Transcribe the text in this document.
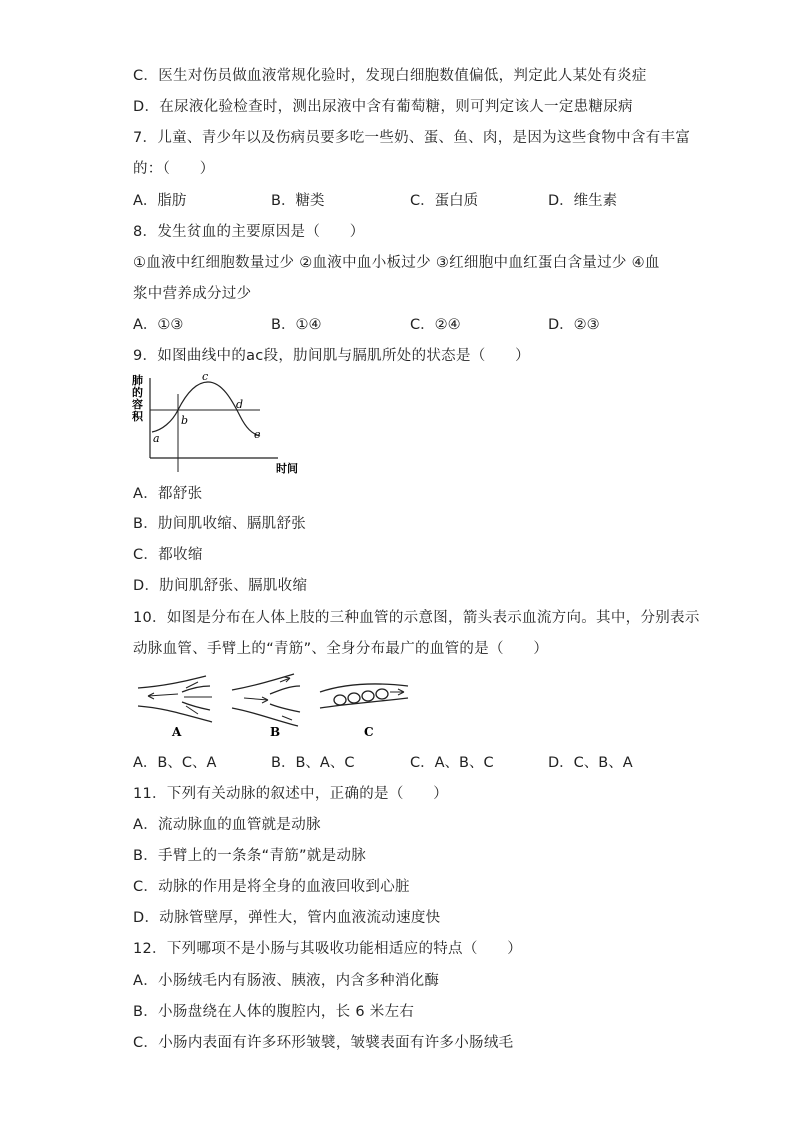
C．医生对伤员做血液常规化验时，发现白细胞数值偏低，判定此人某处有炎症
D．在尿液化验检查时，测出尿液中含有葡萄糖，则可判定该人一定患糖尿病
7．儿童、青少年以及伤病员要多吃一些奶、蛋、鱼、肉，是因为这些食物中含有丰富
的：（　　）
A．脂肪	B．糖类	C．蛋白质	D．维生素
8．发生贫血的主要原因是（　　）
①血液中红细胞数量过少 ②血液中血小板过少 ③红细胞中血红蛋白含量过少 ④血
浆中营养成分过少
A．①③	B．①④	C．②④	D．②③
9．如图曲线中的ac段，肋间肌与膈肌所处的状态是（　　）
肺
的
容
积
a
b
c
d
e
时间
A．都舒张
B．肋间肌收缩、膈肌舒张
C．都收缩
D．肋间肌舒张、膈肌收缩
10．如图是分布在人体上肢的三种血管的示意图，箭头表示血流方向。其中，分别表示
动脉血管、手臂上的“青筋”、全身分布最广的血管的是（　　）
A	B	C
A．B、C、A	B．B、A、C	C．A、B、C	D．C、B、A
11．下列有关动脉的叙述中，正确的是（　　）
A．流动脉血的血管就是动脉
B．手臂上的一条条“青筋”就是动脉
C．动脉的作用是将全身的血液回收到心脏
D．动脉管壁厚，弹性大，管内血液流动速度快
12．下列哪项不是小肠与其吸收功能相适应的特点（　　）
A．小肠绒毛内有肠液、胰液，内含多种消化酶
B．小肠盘绕在人体的腹腔内，长 6 米左右
C．小肠内表面有许多环形皱襞，皱襞表面有许多小肠绒毛
